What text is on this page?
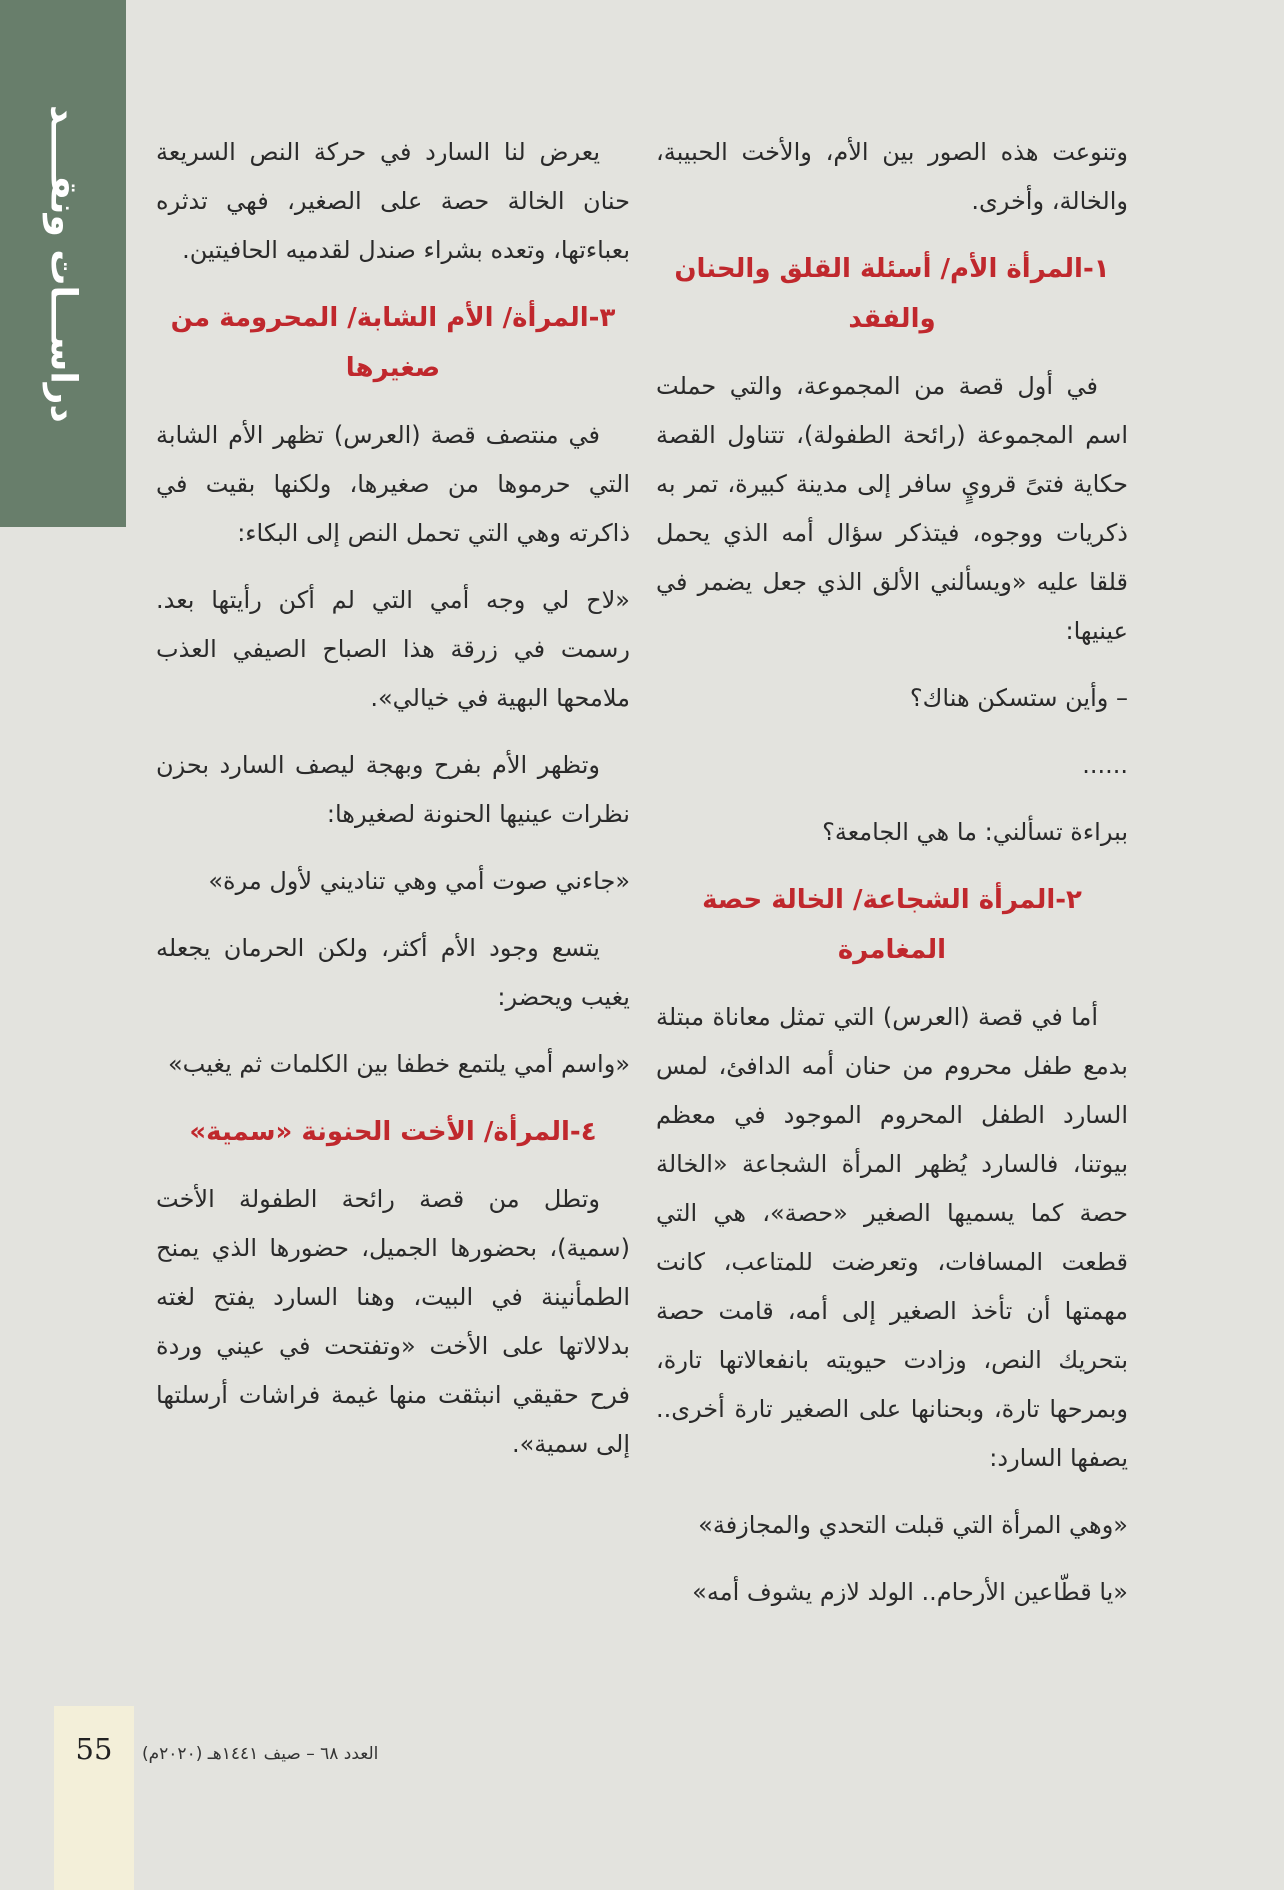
دراســـات ونقــــد	وتنوعت هذه الصور بين الأم، والأخت الحبيبة، والخالة، وأخرى.

١-المرأة الأم/ أسئلة القلق والحنان والفقد

في أول قصة من المجموعة، والتي حملت اسم المجموعة (رائحة الطفولة)، تتناول القصة حكاية فتىً قرويٍ سافر إلى مدينة كبيرة، تمر به ذكريات ووجوه، فيتذكر سؤال أمه الذي يحمل قلقا عليه «ويسألني الألق الذي جعل يضمر في عينيها:

– وأين ستسكن هناك؟

......

ببراءة تسألني: ما هي الجامعة؟

٢-المرأة الشجاعة/ الخالة حصة المغامرة

أما في قصة (العرس) التي تمثل معاناة مبتلة بدمع طفل محروم من حنان أمه الدافئ، لمس السارد الطفل المحروم الموجود في معظم بيوتنا، فالسارد يُظهر المرأة الشجاعة «الخالة حصة كما يسميها الصغير «حصة»، هي التي قطعت المسافات، وتعرضت للمتاعب، كانت مهمتها أن تأخذ الصغير إلى أمه، قامت حصة بتحريك النص، وزادت حيويته بانفعالاتها تارة، وبمرحها تارة، وبحنانها على الصغير تارة أخرى.. يصفها السارد:

«وهي المرأة التي قبلت التحدي والمجازفة»

«يا قطّاعين الأرحام.. الولد لازم يشوف أمه»

يعرض لنا السارد في حركة النص السريعة حنان الخالة حصة على الصغير، فهي تدثره بعباءتها، وتعده بشراء صندل لقدميه الحافيتين.

٣-المرأة/ الأم الشابة/ المحرومة من صغيرها

في منتصف قصة (العرس) تظهر الأم الشابة التي حرموها من صغيرها، ولكنها بقيت في ذاكرته وهي التي تحمل النص إلى البكاء:

«لاح لي وجه أمي التي لم أكن رأيتها بعد. رسمت في زرقة هذا الصباح الصيفي العذب ملامحها البهية في خيالي».

وتظهر الأم بفرح وبهجة ليصف السارد بحزن نظرات عينيها الحنونة لصغيرها:

«جاءني صوت أمي وهي تناديني لأول مرة»

يتسع وجود الأم أكثر، ولكن الحرمان يجعله يغيب ويحضر:

«واسم أمي يلتمع خطفا بين الكلمات ثم يغيب»

٤-المرأة/ الأخت الحنونة «سمية»

وتطل من قصة رائحة الطفولة الأخت (سمية)، بحضورها الجميل، حضورها الذي يمنح الطمأنينة في البيت، وهنا السارد يفتح لغته بدلالاتها على الأخت «وتفتحت في عيني وردة فرح حقيقي انبثقت منها غيمة فراشات أرسلتها إلى سمية».

55	العدد ٦٨ – صيف ١٤٤١هـ (٢٠٢٠م)
